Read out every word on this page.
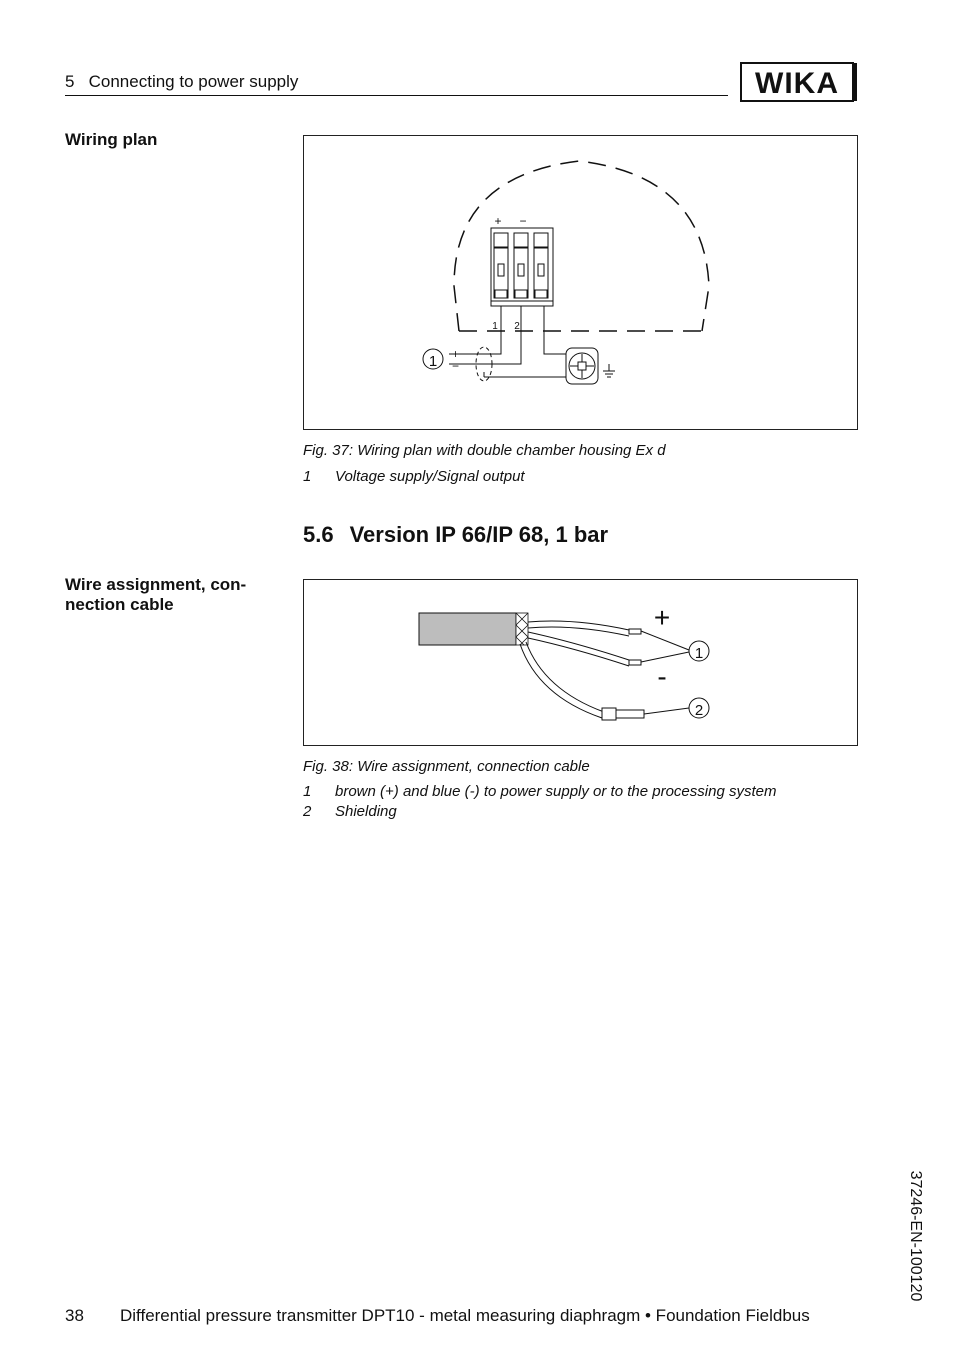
5   Connecting to power supply	WIKA
Wiring plan
+ −
1 2
1 +
−
Fig. 37: Wiring plan with double chamber housing Ex d
1	Voltage supply/Signal output
5.6 Version IP 66/IP 68, 1 bar
Wire assignment, con-
nection cable	+
-
1
2
Fig. 38: Wire assignment, connection cable
1	brown (+) and blue (-) to power supply or to the processing system
2	Shielding
37246-EN-100120
38 Differential pressure transmitter DPT10 - metal measuring diaphragm • Foundation Fieldbus
